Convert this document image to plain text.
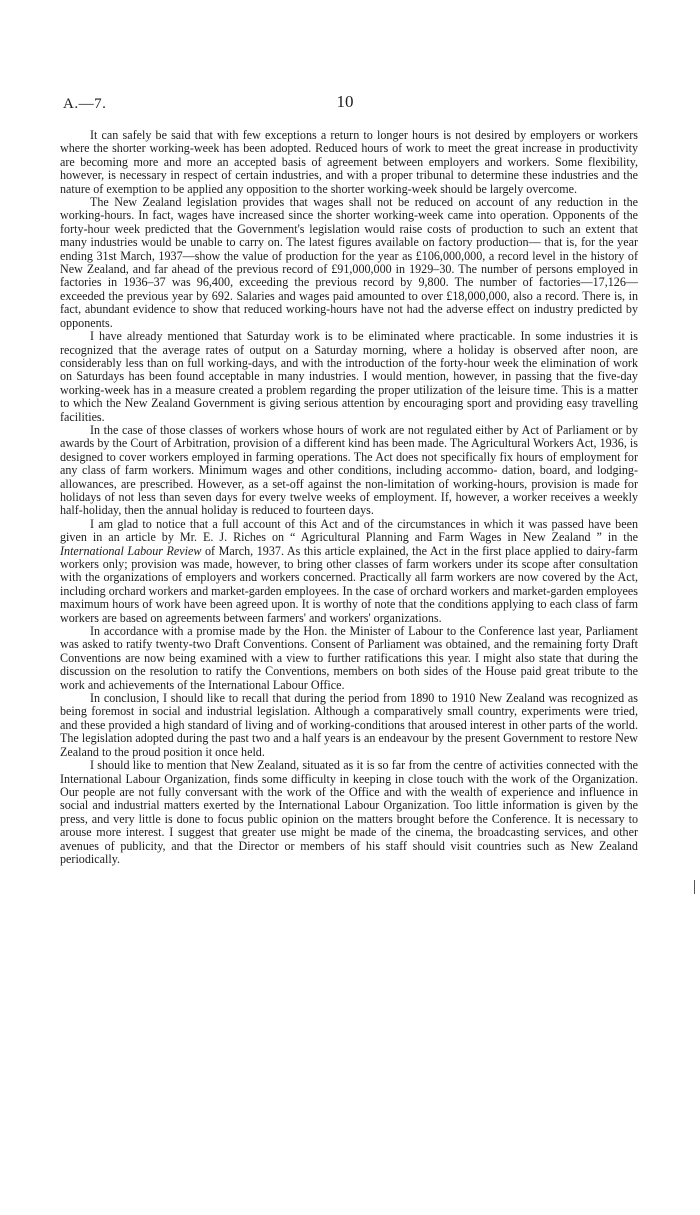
A.—7.	10

It can safely be said that with few exceptions a return to longer hours is not desired by employers or workers where the shorter working-week has been adopted. Reduced hours of work to meet the great increase in productivity are becoming more and more an accepted basis of agreement between employers and workers. Some flexibility, however, is necessary in respect of certain industries, and with a proper tribunal to determine these industries and the nature of exemption to be applied any opposition to the shorter working-week should be largely overcome.

The New Zealand legislation provides that wages shall not be reduced on account of any reduction in the working-hours. In fact, wages have increased since the shorter working-week came into operation. Opponents of the forty-hour week predicted that the Government's legislation would raise costs of production to such an extent that many industries would be unable to carry on. The latest figures available on factory production— that is, for the year ending 31st March, 1937—show the value of production for the year as £106,000,000, a record level in the history of New Zealand, and far ahead of the previous record of £91,000,000 in 1929–30. The number of persons employed in factories in 1936–37 was 96,400, exceeding the previous record by 9,800. The number of factories—17,126— exceeded the previous year by 692. Salaries and wages paid amounted to over £18,000,000, also a record. There is, in fact, abundant evidence to show that reduced working-hours have not had the adverse effect on industry predicted by opponents.

I have already mentioned that Saturday work is to be eliminated where practicable. In some industries it is recognized that the average rates of output on a Saturday morning, where a holiday is observed after noon, are considerably less than on full working-days, and with the introduction of the forty-hour week the elimination of work on Saturdays has been found acceptable in many industries. I would mention, however, in passing that the five-day working-week has in a measure created a problem regarding the proper utilization of the leisure time. This is a matter to which the New Zealand Government is giving serious attention by encouraging sport and providing easy travelling facilities.

In the case of those classes of workers whose hours of work are not regulated either by Act of Parliament or by awards by the Court of Arbitration, provision of a different kind has been made. The Agricultural Workers Act, 1936, is designed to cover workers employed in farming operations. The Act does not specifically fix hours of employment for any class of farm workers. Minimum wages and other conditions, including accommo- dation, board, and lodging-allowances, are prescribed. However, as a set-off against the non-limitation of working-hours, provision is made for holidays of not less than seven days for every twelve weeks of employment. If, however, a worker receives a weekly half-holiday, then the annual holiday is reduced to fourteen days.

I am glad to notice that a full account of this Act and of the circumstances in which it was passed have been given in an article by Mr. E. J. Riches on “ Agricultural Planning and Farm Wages in New Zealand ” in the International Labour Review of March, 1937. As this article explained, the Act in the first place applied to dairy-farm workers only; provision was made, however, to bring other classes of farm workers under its scope after consultation with the organizations of employers and workers concerned. Practically all farm workers are now covered by the Act, including orchard workers and market-garden employees. In the case of orchard workers and market-garden employees maximum hours of work have been agreed upon. It is worthy of note that the conditions applying to each class of farm workers are based on agreements between farmers' and workers' organizations.

In accordance with a promise made by the Hon. the Minister of Labour to the Conference last year, Parliament was asked to ratify twenty-two Draft Conventions. Consent of Parliament was obtained, and the remaining forty Draft Conventions are now being examined with a view to further ratifications this year. I might also state that during the discussion on the resolution to ratify the Conventions, members on both sides of the House paid great tribute to the work and achievements of the International Labour Office.

In conclusion, I should like to recall that during the period from 1890 to 1910 New Zealand was recognized as being foremost in social and industrial legislation. Although a comparatively small country, experiments were tried, and these provided a high standard of living and of working-conditions that aroused interest in other parts of the world. The legislation adopted during the past two and a half years is an endeavour by the present Government to restore New Zealand to the proud position it once held.

I should like to mention that New Zealand, situated as it is so far from the centre of activities connected with the International Labour Organization, finds some difficulty in keeping in close touch with the work of the Organization. Our people are not fully conversant with the work of the Office and with the wealth of experience and influence in social and industrial matters exerted by the International Labour Organization. Too little information is given by the press, and very little is done to focus public opinion on the matters brought before the Conference. It is necessary to arouse more interest. I suggest that greater use might be made of the cinema, the broadcasting services, and other avenues of publicity, and that the Director or members of his staff should visit countries such as New Zealand periodically.
